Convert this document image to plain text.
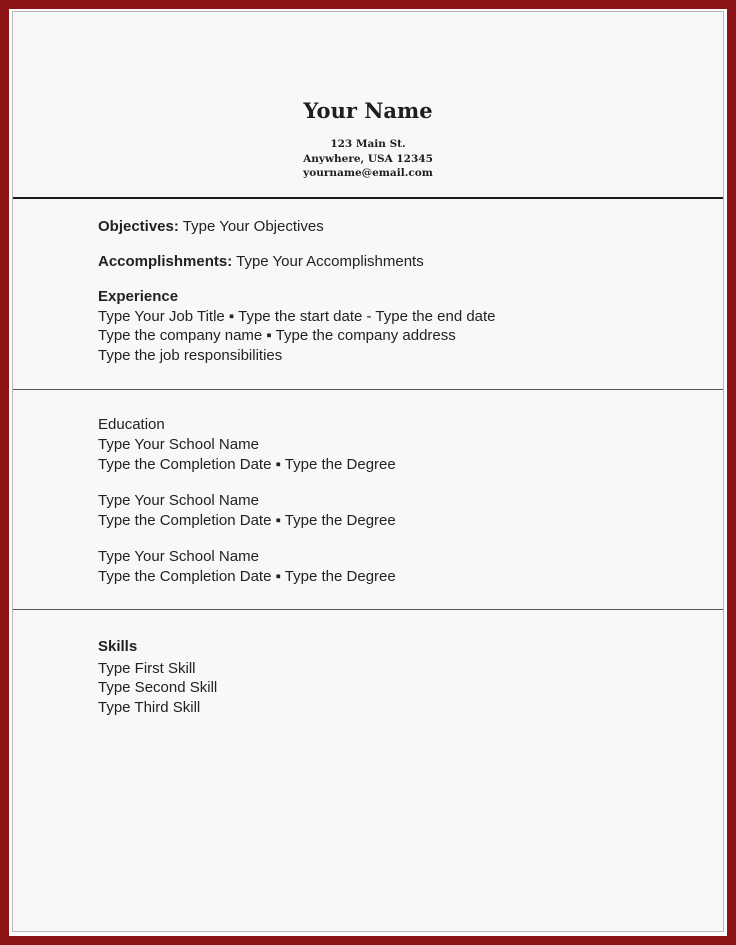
Your Name
123 Main St.
Anywhere, USA 12345
yourname@email.com
Objectives: Type Your Objectives
Accomplishments: Type Your Accomplishments
Experience
Type Your Job Title ▪ Type the start date - Type the end date
Type the company name ▪ Type the company address
Type the job responsibilities
Education
Type Your School Name
Type the Completion Date ▪ Type the Degree
Type Your School Name
Type the Completion Date ▪ Type the Degree
Type Your School Name
Type the Completion Date ▪ Type the Degree
Skills
Type First Skill
Type Second Skill
Type Third Skill
